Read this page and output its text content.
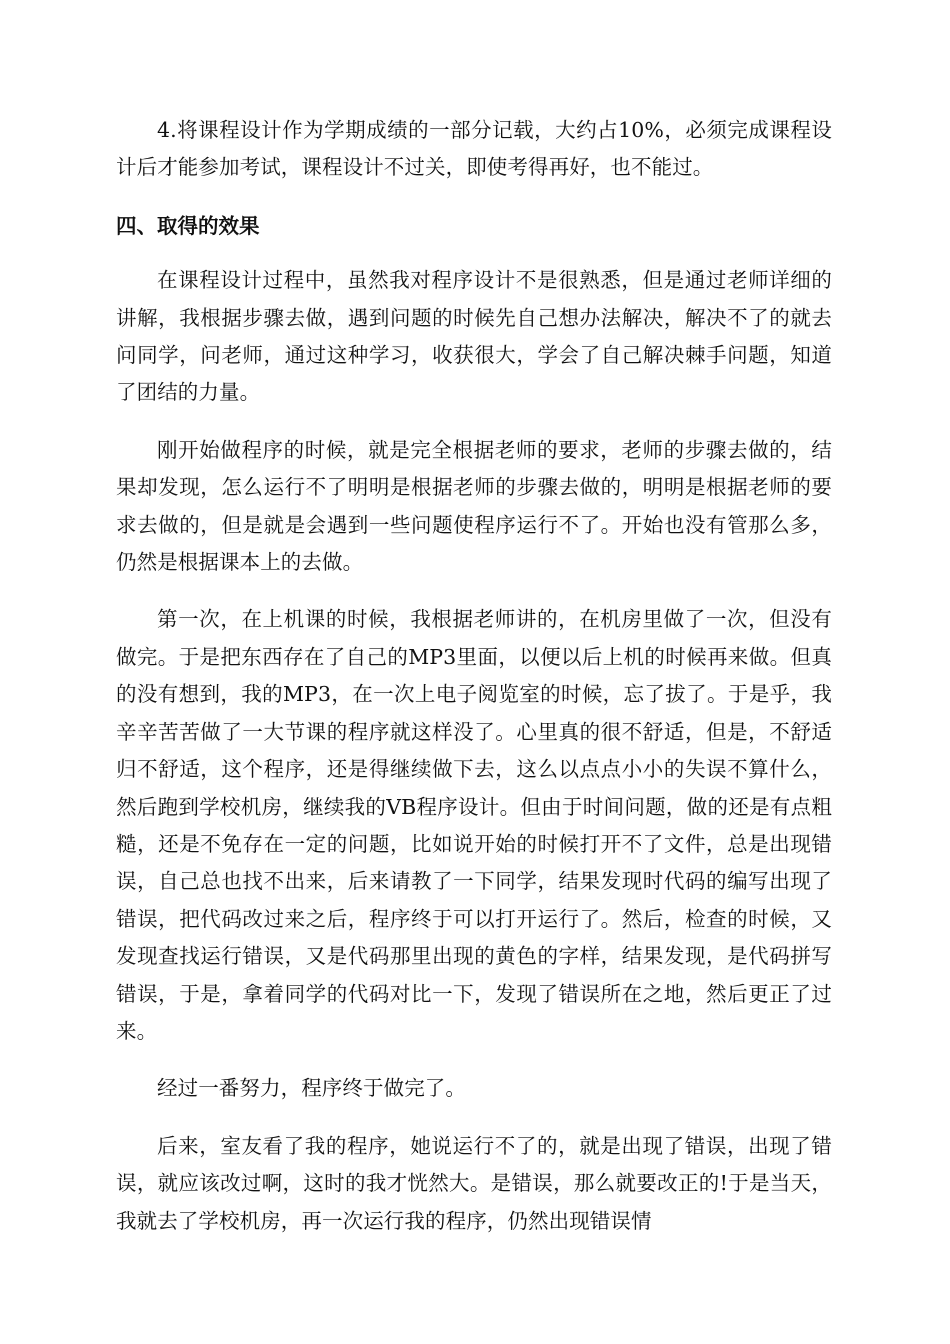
4.将课程设计作为学期成绩的一部分记载，大约占10%，必须完成课程设计后才能参加考试，课程设计不过关，即使考得再好，也不能过。

四、取得的效果

在课程设计过程中，虽然我对程序设计不是很熟悉，但是通过老师详细的讲解，我根据步骤去做，遇到问题的时候先自己想办法解决，解决不了的就去问同学，问老师，通过这种学习，收获很大，学会了自己解决棘手问题，知道了团结的力量。

刚开始做程序的时候，就是完全根据老师的要求，老师的步骤去做的，结果却发现，怎么运行不了明明是根据老师的步骤去做的，明明是根据老师的要求去做的，但是就是会遇到一些问题使程序运行不了。开始也没有管那么多，仍然是根据课本上的去做。

第一次，在上机课的时候，我根据老师讲的，在机房里做了一次，但没有做完。于是把东西存在了自己的MP3里面，以便以后上机的时候再来做。但真的没有想到，我的MP3，在一次上电子阅览室的时候，忘了拔了。于是乎，我辛辛苦苦做了一大节课的程序就这样没了。心里真的很不舒适，但是，不舒适归不舒适，这个程序，还是得继续做下去，这么以点点小小的失误不算什么，然后跑到学校机房，继续我的VB程序设计。但由于时间问题，做的还是有点粗糙，还是不免存在一定的问题，比如说开始的时候打开不了文件，总是出现错误，自己总也找不出来，后来请教了一下同学，结果发现时代码的编写出现了错误，把代码改过来之后，程序终于可以打开运行了。然后，检查的时候，又发现查找运行错误，又是代码那里出现的黄色的字样，结果发现，是代码拼写错误，于是，拿着同学的代码对比一下，发现了错误所在之地，然后更正了过来。

经过一番努力，程序终于做完了。

后来，室友看了我的程序，她说运行不了的，就是出现了错误，出现了错误，就应该改过啊，这时的我才恍然大。是错误，那么就要改正的!于是当天，我就去了学校机房，再一次运行我的程序，仍然出现错误情
